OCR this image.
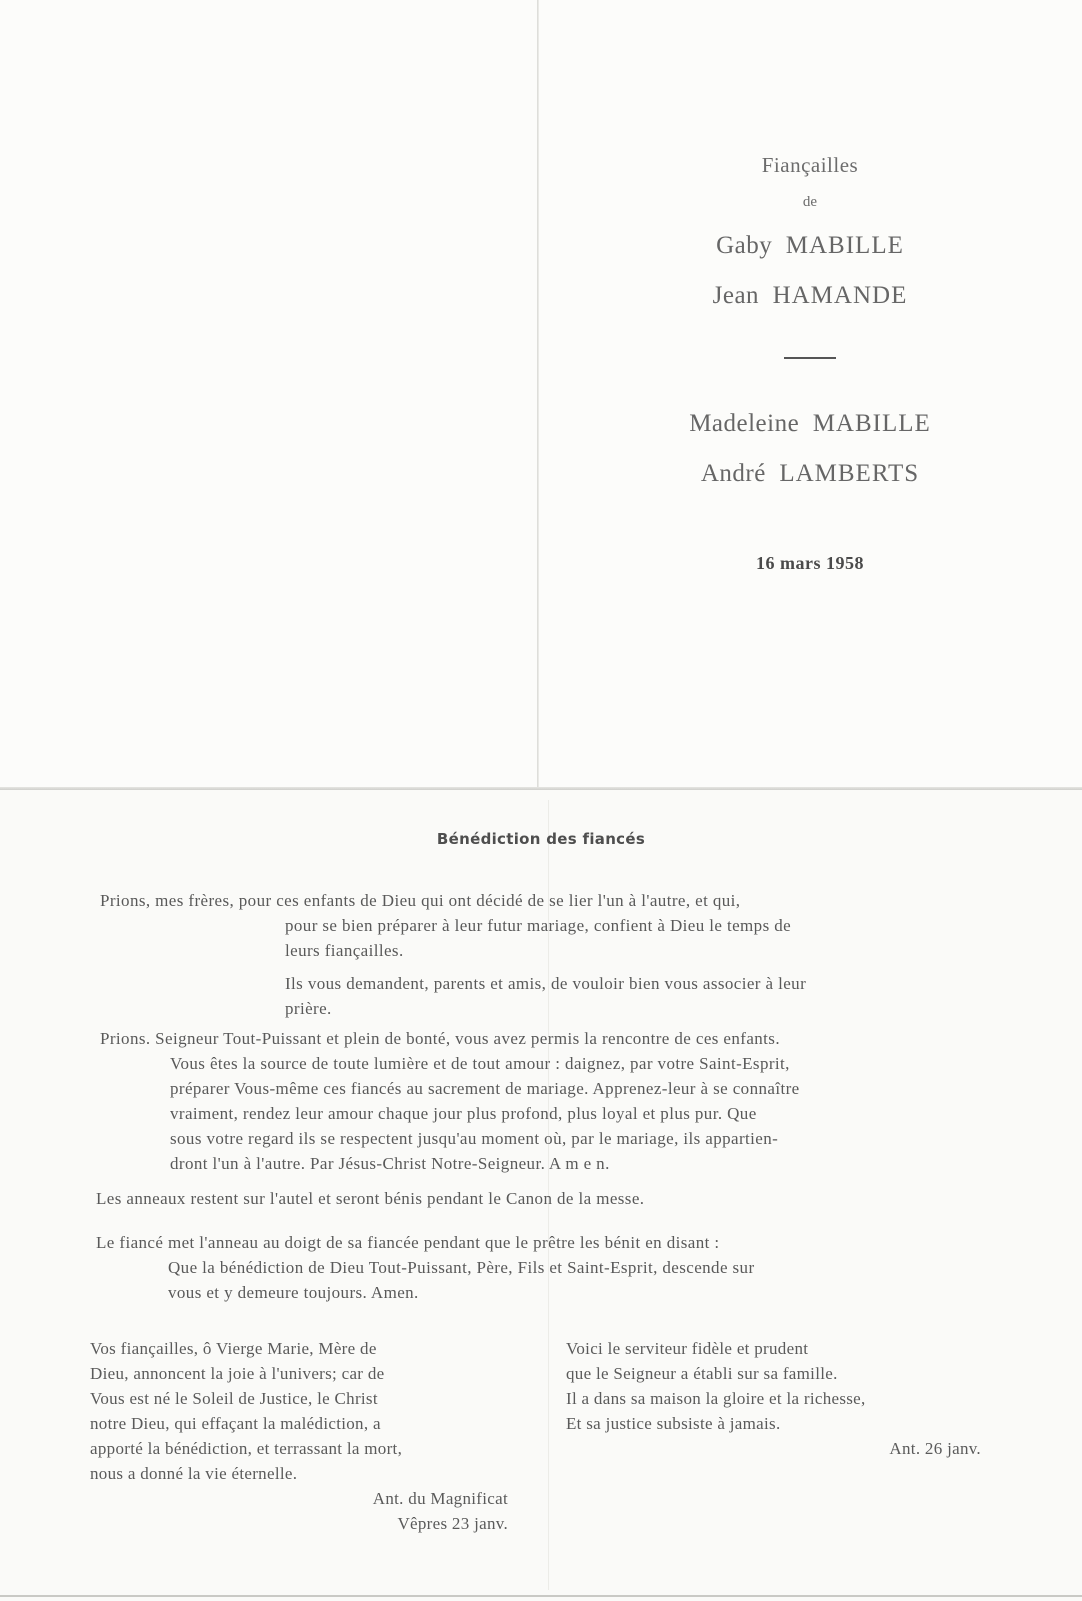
Fiançailles

de
Gaby MABILLE
Jean HAMANDE
Madeleine MABILLE
André LAMBERTS
16 mars 1958

Bénédiction des fiancés

Prions, mes frères, pour ces enfants de Dieu qui ont décidé de se lier l'un à l'autre, et qui,
pour se bien préparer à leur futur mariage, confient à Dieu le temps de
leurs fiançailles.
Ils vous demandent, parents et amis, de vouloir bien vous associer à leur
prière.
Prions. Seigneur Tout-Puissant et plein de bonté, vous avez permis la rencontre de ces enfants.
Vous êtes la source de toute lumière et de tout amour : daignez, par votre Saint-Esprit,
préparer Vous-même ces fiancés au sacrement de mariage. Apprenez-leur à se connaître
vraiment, rendez leur amour chaque jour plus profond, plus loyal et plus pur. Que
sous votre regard ils se respectent jusqu'au moment où, par le mariage, ils appartien-
dront l'un à l'autre. Par Jésus-Christ Notre-Seigneur. A m e n.
Les anneaux restent sur l'autel et seront bénis pendant le Canon de la messe.
Le fiancé met l'anneau au doigt de sa fiancée pendant que le prêtre les bénit en disant :
Que la bénédiction de Dieu Tout-Puissant, Père, Fils et Saint-Esprit, descende sur
vous et y demeure toujours. Amen.
Vos fiançailles, ô Vierge Marie, Mère de
Dieu, annoncent la joie à l'univers; car de
Vous est né le Soleil de Justice, le Christ
notre Dieu, qui effaçant la malédiction, a
apporté la bénédiction, et terrassant la mort,
nous a donné la vie éternelle.
Ant. du Magnificat
Vêpres 23 janv.
Voici le serviteur fidèle et prudent
que le Seigneur a établi sur sa famille.
Il a dans sa maison la gloire et la richesse,
Et sa justice subsiste à jamais.
Ant. 26 janv.
